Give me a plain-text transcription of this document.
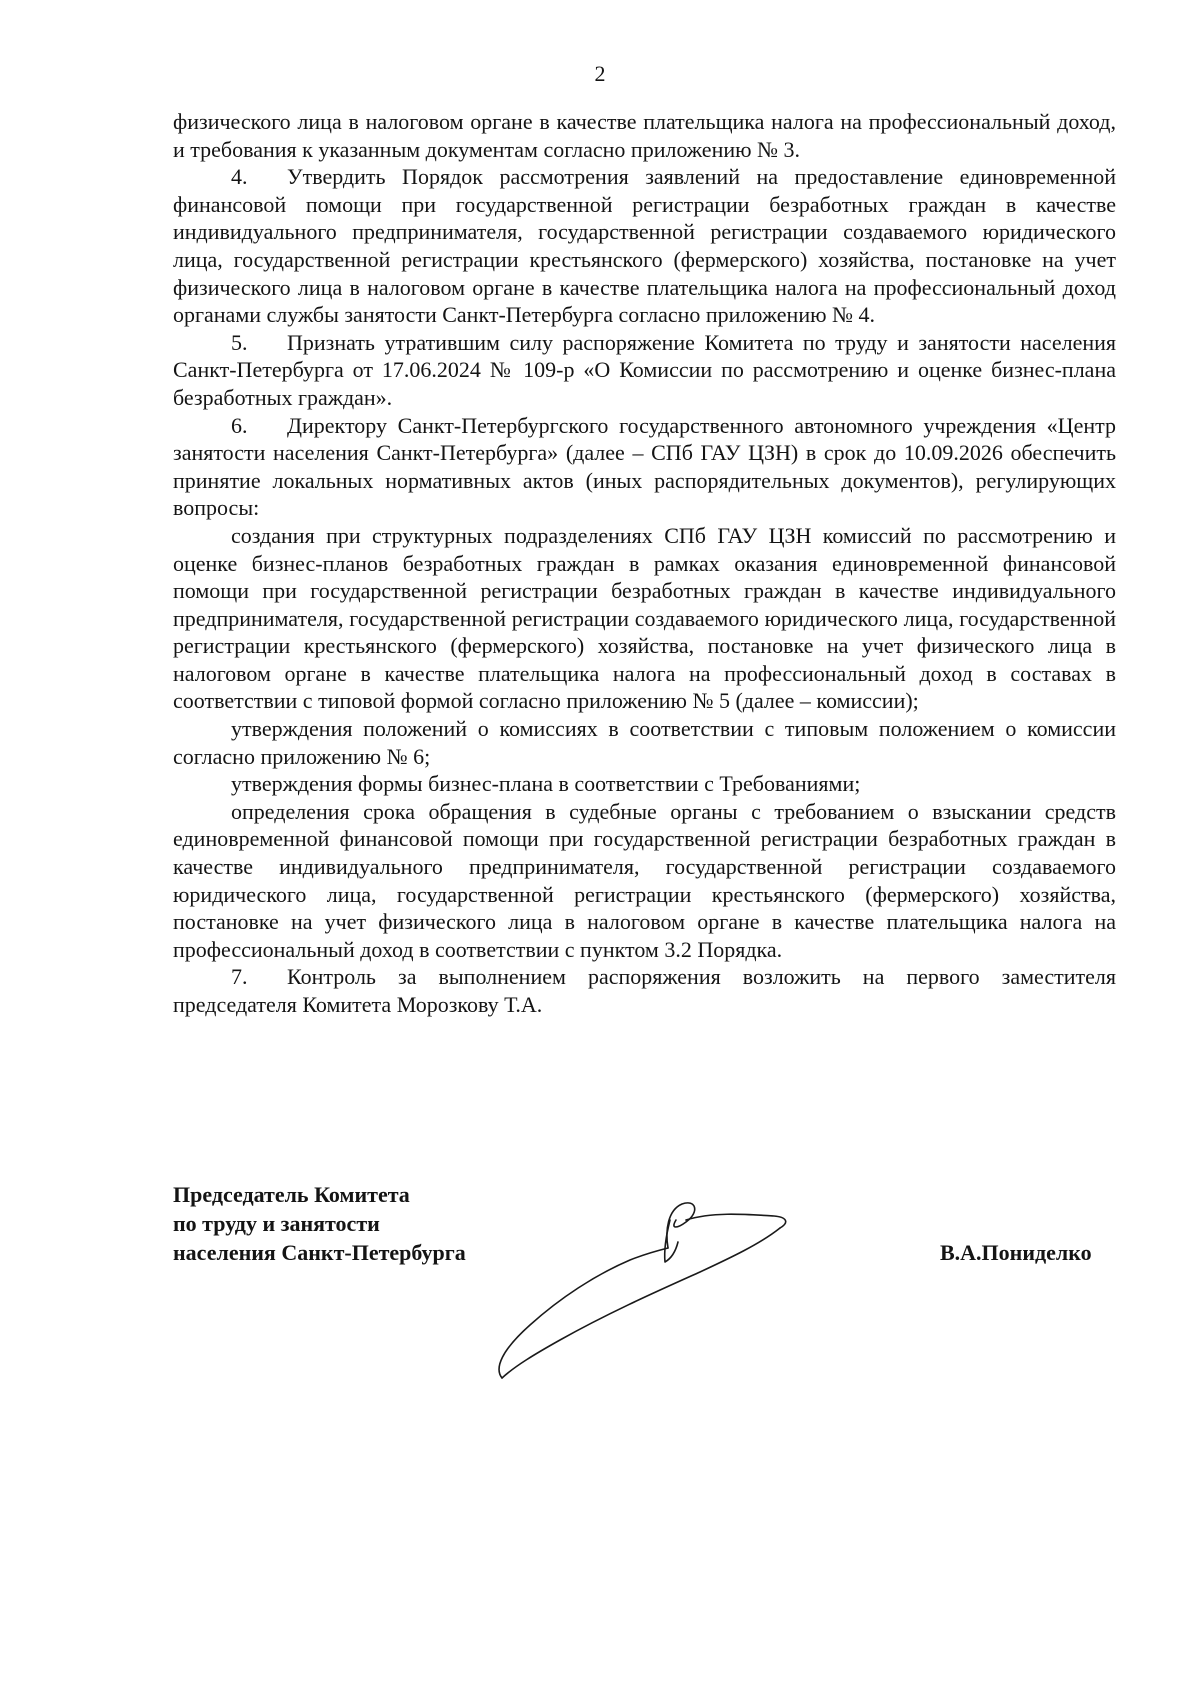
2

физического лица в налоговом органе в качестве плательщика налога на профессиональный доход, и требования к указанным документам согласно приложению № 3.

4. Утвердить Порядок рассмотрения заявлений на предоставление единовременной финансовой помощи при государственной регистрации безработных граждан в качестве индивидуального предпринимателя, государственной регистрации создаваемого юридического лица, государственной регистрации крестьянского (фермерского) хозяйства, постановке на учет физического лица в налоговом органе в качестве плательщика налога на профессиональный доход органами службы занятости Санкт-Петербурга согласно приложению № 4.

5. Признать утратившим силу распоряжение Комитета по труду и занятости населения Санкт-Петербурга от 17.06.2024 № 109-р «О Комиссии по рассмотрению и оценке бизнес-плана безработных граждан».

6. Директору Санкт-Петербургского государственного автономного учреждения «Центр занятости населения Санкт-Петербурга» (далее – СПб ГАУ ЦЗН) в срок до 10.09.2026 обеспечить принятие локальных нормативных актов (иных распорядительных документов), регулирующих вопросы:

создания при структурных подразделениях СПб ГАУ ЦЗН комиссий по рассмотрению и оценке бизнес-планов безработных граждан в рамках оказания единовременной финансовой помощи при государственной регистрации безработных граждан в качестве индивидуального предпринимателя, государственной регистрации создаваемого юридического лица, государственной регистрации крестьянского (фермерского) хозяйства, постановке на учет физического лица в налоговом органе в качестве плательщика налога на профессиональный доход в составах в соответствии с типовой формой согласно приложению № 5 (далее – комиссии);

утверждения положений о комиссиях в соответствии с типовым положением о комиссии согласно приложению № 6;

утверждения формы бизнес-плана в соответствии с Требованиями;

определения срока обращения в судебные органы с требованием о взыскании средств единовременной финансовой помощи при государственной регистрации безработных граждан в качестве индивидуального предпринимателя, государственной регистрации создаваемого юридического лица, государственной регистрации крестьянского (фермерского) хозяйства, постановке на учет физического лица в налоговом органе в качестве плательщика налога на профессиональный доход в соответствии с пунктом 3.2 Порядка.

7. Контроль за выполнением распоряжения возложить на первого заместителя председателя Комитета Морозкову Т.А.

Председатель Комитета
по труду и занятости
населения Санкт-Петербурга	В.А.Пониделко
